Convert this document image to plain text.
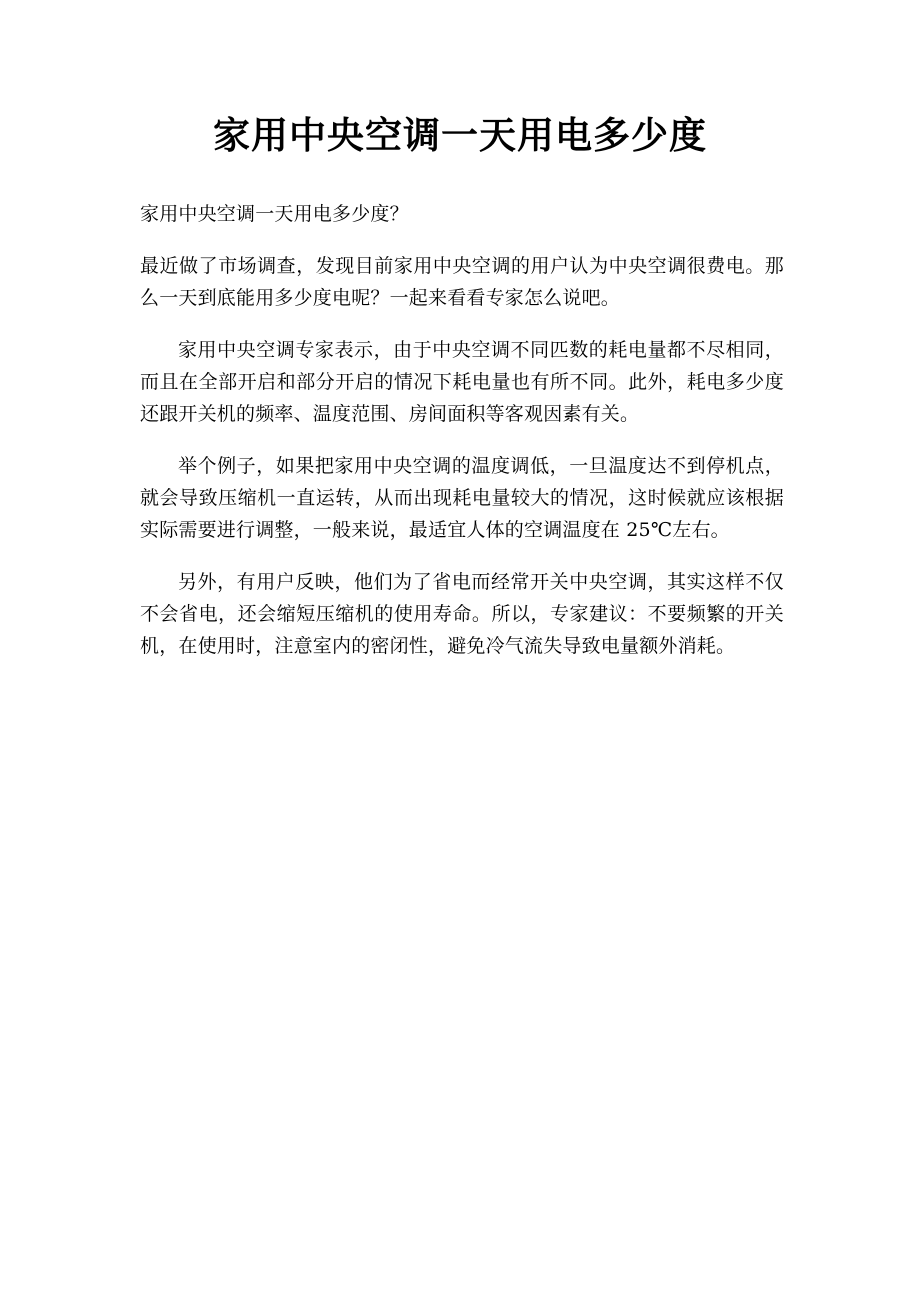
家用中央空调一天用电多少度

家用中央空调一天用电多少度？

最近做了市场调查，发现目前家用中央空调的用户认为中央空调很费电。那么一天到底能用多少度电呢？一起来看看专家怎么说吧。

家用中央空调专家表示，由于中央空调不同匹数的耗电量都不尽相同，而且在全部开启和部分开启的情况下耗电量也有所不同。此外，耗电多少度还跟开关机的频率、温度范围、房间面积等客观因素有关。

举个例子，如果把家用中央空调的温度调低，一旦温度达不到停机点，就会导致压缩机一直运转，从而出现耗电量较大的情况，这时候就应该根据实际需要进行调整，一般来说，最适宜人体的空调温度在 25℃左右。

另外，有用户反映，他们为了省电而经常开关中央空调，其实这样不仅不会省电，还会缩短压缩机的使用寿命。所以，专家建议：不要频繁的开关机，在使用时，注意室内的密闭性，避免冷气流失导致电量额外消耗。
